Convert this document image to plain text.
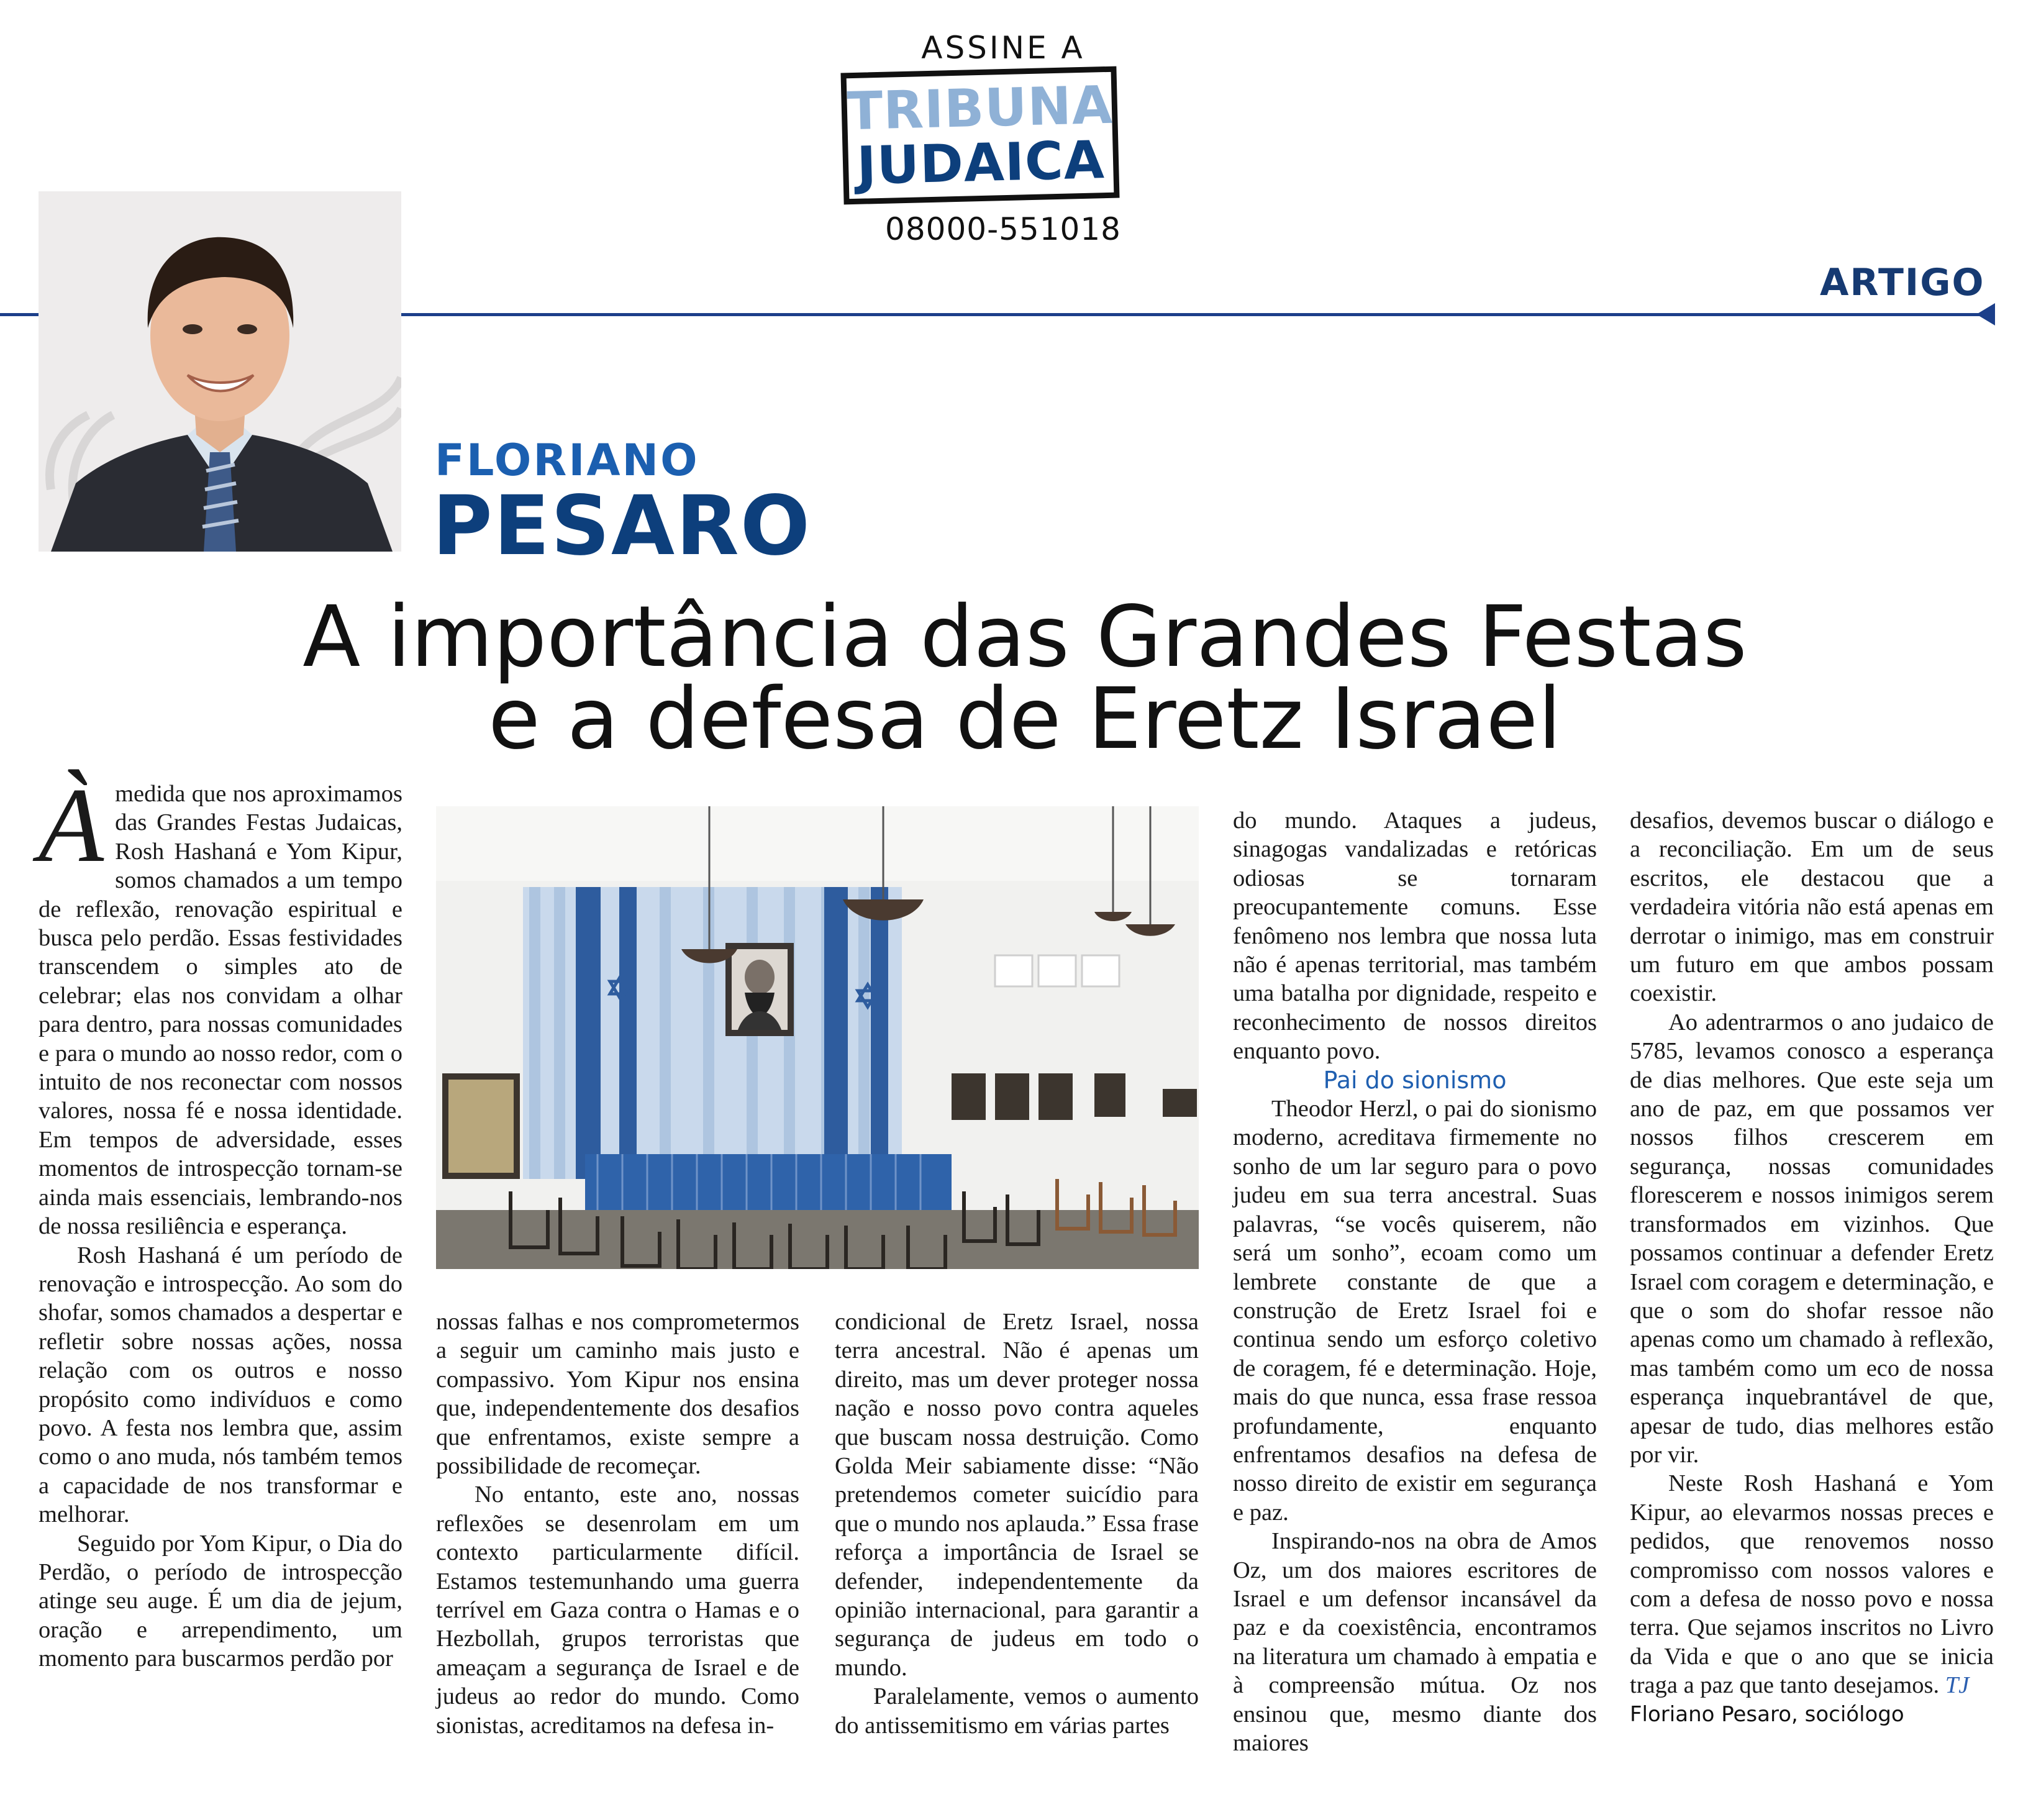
ASSINE A
TRIBUNA
JUDAICA
08000-551018
ARTIGO
FLORIANO
PESARO
A importância das Grandes Festas
e a defesa de Eretz Israel

Àmedida que nos aproximamos das Grandes Festas Judaicas, Rosh Hashaná e Yom Kipur, somos chamados a um tempo de reflexão, renovação espiritual e busca pelo perdão. Essas festividades transcendem o simples ato de celebrar; elas nos convidam a olhar para dentro, para nossas comunidades e para o mundo ao nosso redor, com o intuito de nos reconectar com nossos valores, nossa fé e nossa identidade. Em tempos de adversidade, esses momentos de introspecção tornam-se ainda mais essenciais, lembrando-nos de nossa resiliência e esperança.

Rosh Hashaná é um período de renovação e introspecção. Ao som do shofar, somos chamados a despertar e refletir sobre nossas ações, nossa relação com os outros e nosso propósito como indivíduos e como povo. A festa nos lembra que, assim como o ano muda, nós também temos a capacidade de nos transformar e melhorar.

Seguido por Yom Kipur, o Dia do Perdão, o período de introspecção atinge seu auge. É um dia de jejum, oração e arrependimento, um momento para buscarmos perdão por

nossas falhas e nos comprometermos a seguir um caminho mais justo e compassivo. Yom Kipur nos ensina que, independentemente dos desafios que enfrentamos, existe sempre a possibilidade de recomeçar.

No entanto, este ano, nossas reflexões se desenrolam em um contexto particularmente difícil. Estamos testemunhando uma guerra terrível em Gaza contra o Hamas e o Hezbollah, grupos terroristas que ameaçam a segurança de Israel e de judeus ao redor do mundo. Como sionistas, acreditamos na defesa in-

condicional de Eretz Israel, nossa terra ancestral. Não é apenas um direito, mas um dever proteger nossa nação e nosso povo contra aqueles que buscam nossa destruição. Como Golda Meir sabiamente disse: “Não pretendemos cometer suicídio para que o mundo nos aplauda.” Essa frase reforça a importância de Israel se defender, independentemente da opinião internacional, para garantir a segurança de judeus em todo o mundo.

Paralelamente, vemos o aumento do antissemitismo em várias partes

do mundo. Ataques a judeus, sinagogas vandalizadas e retóricas odiosas se tornaram preocupantemente comuns. Esse fenômeno nos lembra que nossa luta não é apenas territorial, mas também uma batalha por dignidade, respeito e reconhecimento de nossos direitos enquanto povo.

Pai do sionismo

Theodor Herzl, o pai do sionismo moderno, acreditava firmemente no sonho de um lar seguro para o povo judeu em sua terra ancestral. Suas palavras, “se vocês quiserem, não será um sonho”, ecoam como um lembrete constante de que a construção de Eretz Israel foi e continua sendo um esforço coletivo de coragem, fé e determinação. Hoje, mais do que nunca, essa frase ressoa profundamente, enquanto enfrentamos desafios na defesa de nosso direito de existir em segurança e paz.

Inspirando-nos na obra de Amos Oz, um dos maiores escritores de Israel e um defensor incansável da paz e da coexistência, encontramos na literatura um chamado à empatia e à compreensão mútua. Oz nos ensinou que, mesmo diante dos maiores

desafios, devemos buscar o diálogo e a reconciliação. Em um de seus escritos, ele destacou que a verdadeira vitória não está apenas em derrotar o inimigo, mas em construir um futuro em que ambos possam coexistir.

Ao adentrarmos o ano judaico de 5785, levamos conosco a esperança de dias melhores. Que este seja um ano de paz, em que possamos ver nossos filhos crescerem em segurança, nossas comunidades florescerem e nossos inimigos serem transformados em vizinhos. Que possamos continuar a defender Eretz Israel com coragem e determinação, e que o som do shofar ressoe não apenas como um chamado à reflexão, mas também como um eco de nossa esperança inquebrantável de que, apesar de tudo, dias melhores estão por vir.

Neste Rosh Hashaná e Yom Kipur, ao elevarmos nossas preces e pedidos, que renovemos nosso compromisso com nossos valores e com a defesa de nosso povo e nossa terra. Que sejamos inscritos no Livro da Vida e que o ano que se inicia traga a paz que tanto desejamos. TJ

Floriano Pesaro, sociólogo
